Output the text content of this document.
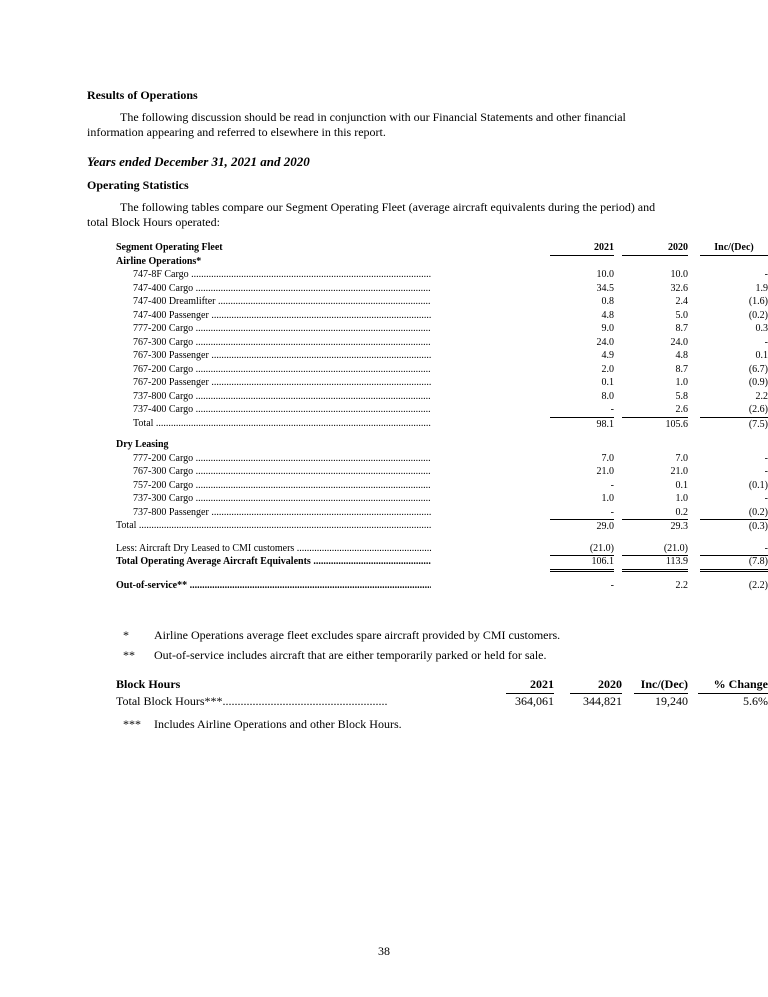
Results of Operations
The following discussion should be read in conjunction with our Financial Statements and other financial information appearing and referred to elsewhere in this report.
Years ended December 31, 2021 and 2020
Operating Statistics
The following tables compare our Segment Operating Fleet (average aircraft equivalents during the period) and total Block Hours operated:
Segment Operating Fleet	2021	2020	Inc/(Dec)
Airline Operations*
747-8F Cargo .....	10.0	10.0	-
747-400 Cargo .....	34.5	32.6	1.9
747-400 Dreamlifter .....	0.8	2.4	(1.6)
747-400 Passenger .....	4.8	5.0	(0.2)
777-200 Cargo .....	9.0	8.7	0.3
767-300 Cargo .....	24.0	24.0	-
767-300 Passenger .....	4.9	4.8	0.1
767-200 Cargo .....	2.0	8.7	(6.7)
767-200 Passenger .....	0.1	1.0	(0.9)
737-800 Cargo .....	8.0	5.8	2.2
737-400 Cargo .....	-	2.6	(2.6)
Total .....	98.1	105.6	(7.5)
Dry Leasing
777-200 Cargo .....	7.0	7.0	-
767-300 Cargo .....	21.0	21.0	-
757-200 Cargo .....	-	0.1	(0.1)
737-300 Cargo .....	1.0	1.0	-
737-800 Passenger .....	-	0.2	(0.2)
Total .....	29.0	29.3	(0.3)
Less: Aircraft Dry Leased to CMI customers .....	(21.0)	(21.0)	-
Total Operating Average Aircraft Equivalents .....	106.1	113.9	(7.8)
Out-of-service** .....	-	2.2	(2.2)
* Airline Operations average fleet excludes spare aircraft provided by CMI customers.
** Out-of-service includes aircraft that are either temporarily parked or held for sale.
Block Hours	2021	2020	Inc/(Dec)	% Change
Total Block Hours*** .....	364,061	344,821	19,240	5.6%
*** Includes Airline Operations and other Block Hours.
38
